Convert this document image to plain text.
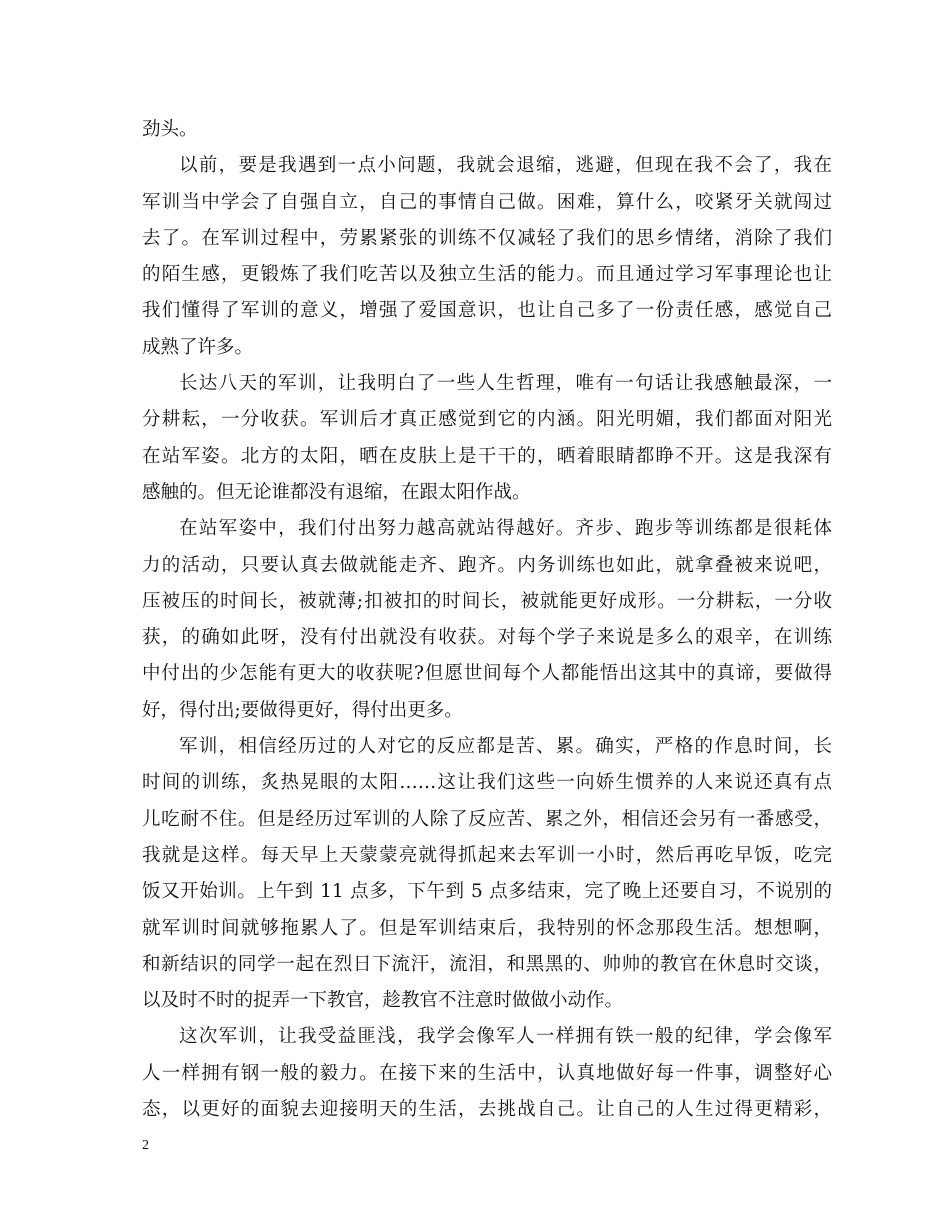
劲头。
以前，要是我遇到一点小问题，我就会退缩，逃避，但现在我不会了，我在
军训当中学会了自强自立，自己的事情自己做。困难，算什么，咬紧牙关就闯过
去了。在军训过程中，劳累紧张的训练不仅减轻了我们的思乡情绪，消除了我们
的陌生感，更锻炼了我们吃苦以及独立生活的能力。而且通过学习军事理论也让
我们懂得了军训的意义，增强了爱国意识，也让自己多了一份责任感，感觉自己
成熟了许多。
长达八天的军训，让我明白了一些人生哲理，唯有一句话让我感触最深，一
分耕耘，一分收获。军训后才真正感觉到它的内涵。阳光明媚，我们都面对阳光
在站军姿。北方的太阳，晒在皮肤上是干干的，晒着眼睛都睁不开。这是我深有
感触的。但无论谁都没有退缩，在跟太阳作战。
在站军姿中，我们付出努力越高就站得越好。齐步、跑步等训练都是很耗体
力的活动，只要认真去做就能走齐、跑齐。内务训练也如此，就拿叠被来说吧，
压被压的时间长，被就薄;扣被扣的时间长，被就能更好成形。一分耕耘，一分收
获，的确如此呀，没有付出就没有收获。对每个学子来说是多么的艰辛，在训练
中付出的少怎能有更大的收获呢?但愿世间每个人都能悟出这其中的真谛，要做得
好，得付出;要做得更好，得付出更多。
军训，相信经历过的人对它的反应都是苦、累。确实，严格的作息时间，长
时间的训练，炙热晃眼的太阳……这让我们这些一向娇生惯养的人来说还真有点
儿吃耐不住。但是经历过军训的人除了反应苦、累之外，相信还会另有一番感受，
我就是这样。每天早上天蒙蒙亮就得抓起来去军训一小时，然后再吃早饭，吃完
饭又开始训。上午到 11 点多，下午到 5 点多结束，完了晚上还要自习，不说别的
就军训时间就够拖累人了。但是军训结束后，我特别的怀念那段生活。想想啊，
和新结识的同学一起在烈日下流汗，流泪，和黑黑的、帅帅的教官在休息时交谈，
以及时不时的捉弄一下教官，趁教官不注意时做做小动作。
这次军训，让我受益匪浅，我学会像军人一样拥有铁一般的纪律，学会像军
人一样拥有钢一般的毅力。在接下来的生活中，认真地做好每一件事，调整好心
态，以更好的面貌去迎接明天的生活，去挑战自己。让自己的人生过得更精彩，
2
